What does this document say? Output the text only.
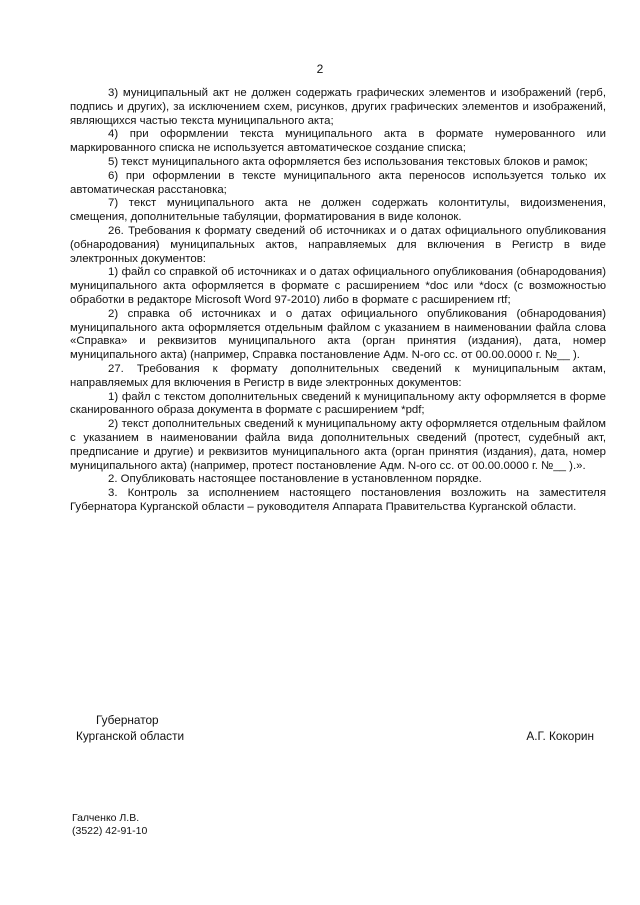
2

3) муниципальный акт не должен содержать графических элементов и изображений (герб, подпись и других), за исключением схем, рисунков, других графических элементов и изображений, являющихся частью текста муниципального акта;

4) при оформлении текста муниципального акта в формате нумерованного или маркированного списка не используется автоматическое создание списка;

5) текст муниципального акта оформляется без использования текстовых блоков и рамок;

6) при оформлении в тексте муниципального акта переносов используется только их автоматическая расстановка;

7) текст муниципального акта не должен содержать колонтитулы, видоизменения, смещения, дополнительные табуляции, форматирования в виде колонок.

26. Требования к формату сведений об источниках и о датах официального опубликования (обнародования) муниципальных актов, направляемых для включения в Регистр в виде электронных документов:

1) файл со справкой об источниках и о датах официального опубликования (обнародования) муниципального акта оформляется в формате с расширением *doc или *docx (с возможностью обработки в редакторе Microsoft Word 97-2010) либо в формате с расширением rtf;

2) справка об источниках и о датах официального опубликования (обнародования) муниципального акта оформляется отдельным файлом с указанием в наименовании файла слова «Справка» и реквизитов муниципального акта (орган принятия (издания), дата, номер муниципального акта) (например, Справка постановление Адм. N-ого сс. от 00.00.0000 г. №__ ).

27. Требования к формату дополнительных сведений к муниципальным актам, направляемых для включения в Регистр в виде электронных документов:

1) файл с текстом дополнительных сведений к муниципальному акту оформляется в форме сканированного образа документа в формате с расширением *pdf;

2) текст дополнительных сведений к муниципальному акту оформляется отдельным файлом с указанием в наименовании файла вида дополнительных сведений (протест, судебный акт, предписание и другие) и реквизитов муниципального акта (орган принятия (издания), дата, номер муниципального акта) (например, протест постановление Адм. N-ого сс. от 00.00.0000 г. №__ ).».

2. Опубликовать настоящее постановление в установленном порядке.

3. Контроль за исполнением настоящего постановления возложить на заместителя Губернатора Курганской области – руководителя Аппарата Правительства Курганской области.

Губернатор
Курганской области	А.Г. Кокорин
Галченко Л.В.
(3522) 42-91-10
